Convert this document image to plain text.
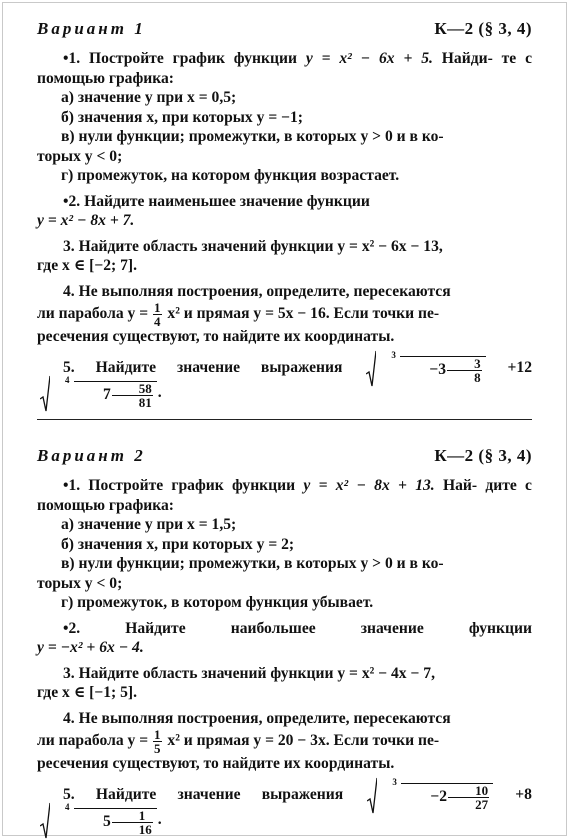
Вариант 1	К—2 (§ 3, 4)

•1. Постройте график функции y = x² − 6x + 5. Найди- те с помощью графика:

а) значение y при x = 0,5;

б) значения x, при которых y = −1;

в) нули функции; промежутки, в которых y > 0 и в ко-

торых y < 0;

г) промежуток, на котором функция возрастает.

•2. Найдите наименьшее значение функции

y = x² − 8x + 7.

3. Найдите область значений функции y = x² − 6x − 13,

где x ∈ [−2; 7].

4. Не выполняя построения, определите, пересекаются

ли парабола $y = \frac{1}{4} x^2$ и прямая y = 5x − 16. Если точки пе-

ресечения существуют, то найдите их координаты.

5. Найдите значение выражения
3
$-3 \frac{3}{8} +12$
4
$7 \frac{58}{81}$ .

Вариант 2	К—2 (§ 3, 4)

•1. Постройте график функции y = x² − 8x + 13. Най- дите с помощью графика:

а) значение y при x = 1,5;

б) значения x, при которых y = 2;

в) нули функции; промежутки, в которых y > 0 и в ко-

торых y < 0;

г) промежуток, в котором функция убывает.

•2.	Найдите наибольшее значение функции

y = −x² + 6x − 4.

3. Найдите область значений функции y = x² − 4x − 7,

где x ∈ [−1; 5].

4. Не выполняя построения, определите, пересекаются

ли парабола $y = \frac{1}{5} x^2$ и прямая y = 20 − 3x. Если точки пе-

ресечения существуют, то найдите их координаты.

5. Найдите значение выражения
3
$-2 \frac{10}{27} +8$
4
$5 \frac{1}{16}$ .
